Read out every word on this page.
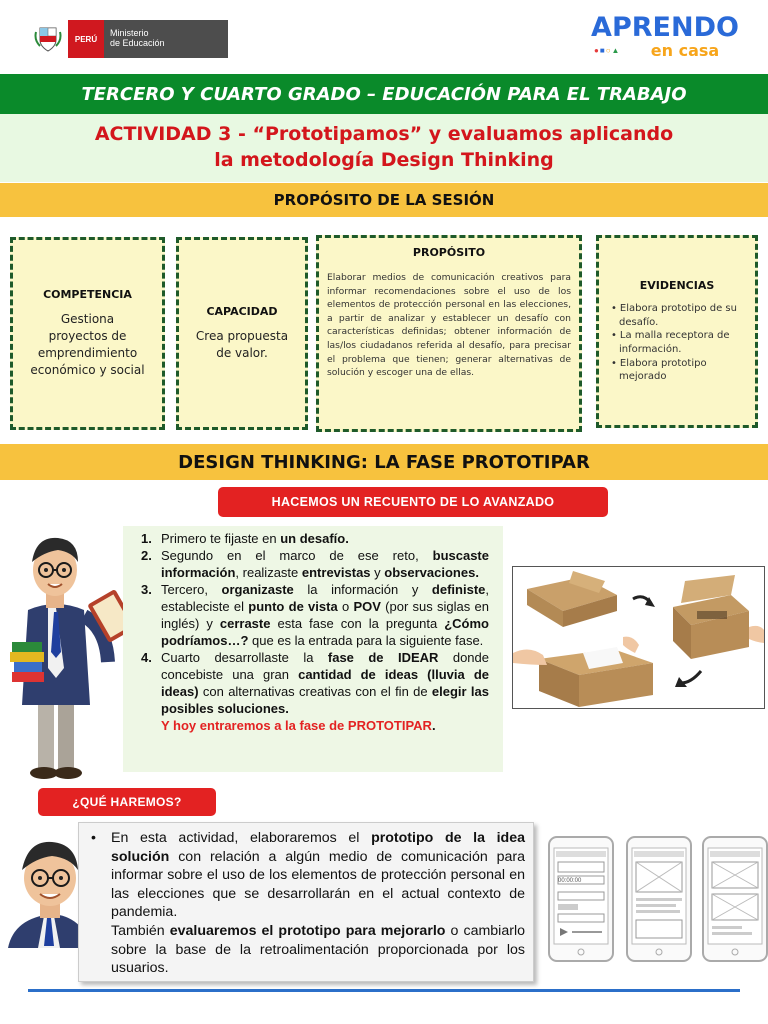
PERÚ
Ministerio
de Educación	APRENDO
en casa
●■○▲
TERCERO Y CUARTO GRADO – EDUCACIÓN PARA EL TRABAJO
ACTIVIDAD 3 - “Prototipamos” y evaluamos aplicando
la metodología Design Thinking
PROPÓSITO DE LA SESIÓN
COMPETENCIA
Gestiona
proyectos de
emprendimiento
económico y social
CAPACIDAD
Crea propuesta
de valor.
PROPÓSITO
Elaborar medios de comunicación creativos para informar recomendaciones sobre el uso de los elementos de protección personal en las elecciones, a partir de analizar y establecer un desafío con características definidas; obtener información de las/los ciudadanos referida al desafío, para precisar el problema que tienen; generar alternativas de solución y escoger una de ellas.
EVIDENCIAS
• Elabora prototipo de su desafío.
• La malla receptora de información.
• Elabora prototipo mejorado
DESIGN THINKING: LA FASE PROTOTIPAR
HACEMOS UN RECUENTO DE LO AVANZADO
1. Primero te fijaste en un desafío.
2. Segundo en el marco de ese reto, buscaste información, realizaste entrevistas y observaciones.
3. Tercero, organizaste la información y definiste, estableciste el punto de vista o POV (por sus siglas en inglés) y cerraste esta fase con la pregunta ¿Cómo podríamos…? que es la entrada para la siguiente fase.
4. Cuarto desarrollaste la fase de IDEAR donde concebiste una gran cantidad de ideas (lluvia de ideas) con alternativas creativas con el fin de elegir las posibles soluciones.
Y hoy entraremos a la fase de PROTOTIPAR.
¿QUÉ HAREMOS?
• En esta actividad, elaboraremos el prototipo de la idea solución con relación a algún medio de comunicación para informar sobre el uso de los elementos de protección personal en las elecciones que se desarrollarán en el actual contexto de pandemia.
También evaluaremos el prototipo para mejorarlo o cambiarlo sobre la base de la retroalimentación proporcionada por los usuarios.
00:00:00
